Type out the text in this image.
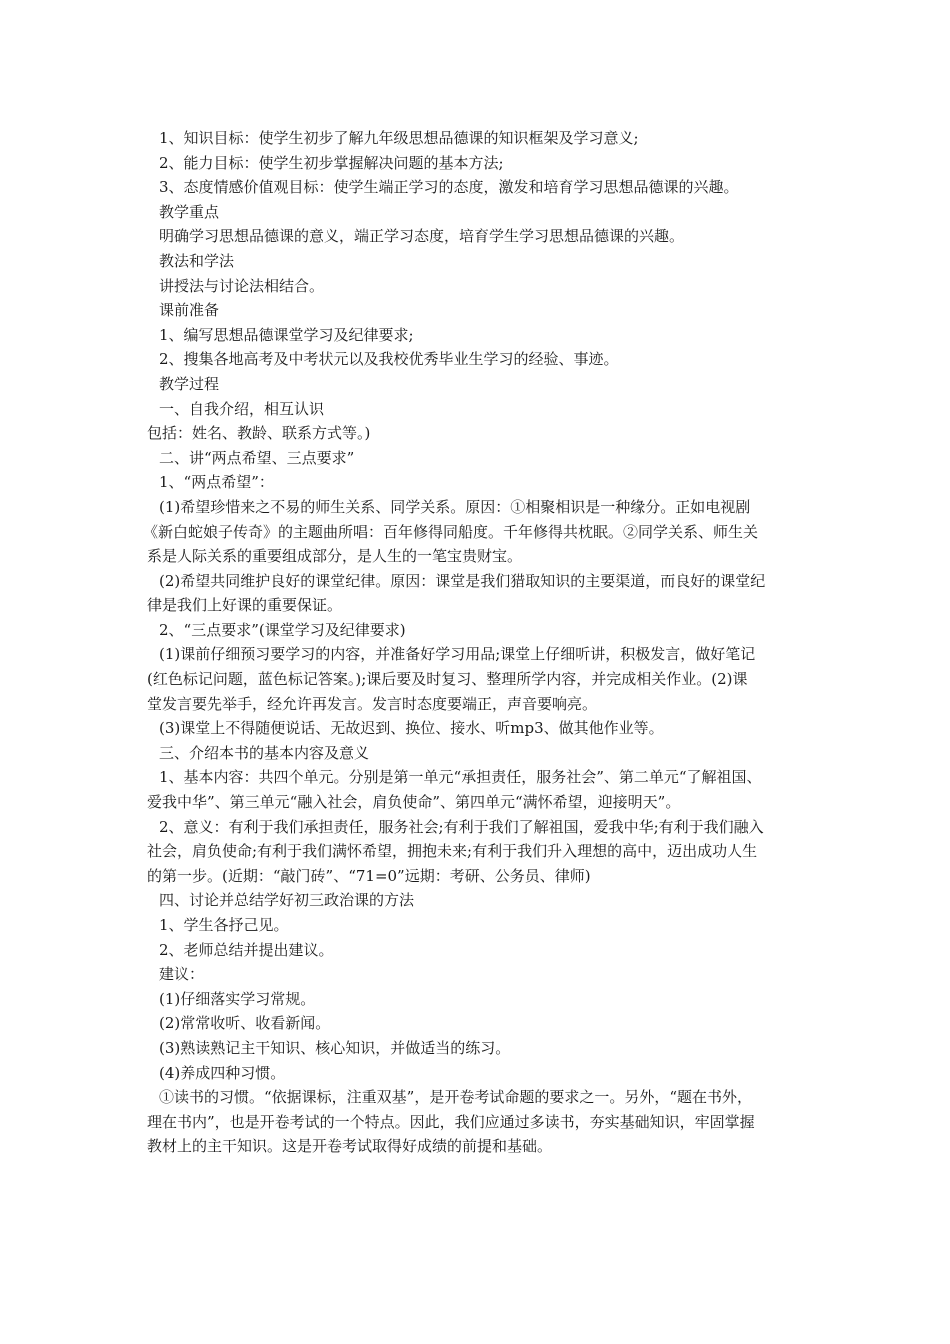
1、知识目标：使学生初步了解九年级思想品德课的知识框架及学习意义;
2、能力目标：使学生初步掌握解决问题的基本方法;
3、态度情感价值观目标：使学生端正学习的态度，激发和培育学习思想品德课的兴趣。
教学重点
明确学习思想品德课的意义，端正学习态度，培育学生学习思想品德课的兴趣。
教法和学法
讲授法与讨论法相结合。
课前准备
1、编写思想品德课堂学习及纪律要求;
2、搜集各地高考及中考状元以及我校优秀毕业生学习的经验、事迹。
教学过程
一、自我介绍，相互认识
包括：姓名、教龄、联系方式等。)
二、讲“两点希望、三点要求”
1、“两点希望”：
(1)希望珍惜来之不易的师生关系、同学关系。原因：①相聚相识是一种缘分。正如电视剧
《新白蛇娘子传奇》的主题曲所唱：百年修得同船度。千年修得共枕眠。②同学关系、师生关
系是人际关系的重要组成部分，是人生的一笔宝贵财宝。
(2)希望共同维护良好的课堂纪律。原因：课堂是我们猎取知识的主要渠道，而良好的课堂纪
律是我们上好课的重要保证。
2、“三点要求”(课堂学习及纪律要求)
(1)课前仔细预习要学习的内容，并准备好学习用品;课堂上仔细听讲，积极发言，做好笔记
(红色标记问题，蓝色标记答案。);课后要及时复习、整理所学内容，并完成相关作业。(2)课
堂发言要先举手，经允许再发言。发言时态度要端正，声音要响亮。
(3)课堂上不得随便说话、无故迟到、换位、接水、听mp3、做其他作业等。
三、介绍本书的基本内容及意义
1、基本内容：共四个单元。分别是第一单元“承担责任，服务社会”、第二单元“了解祖国、
爱我中华”、第三单元“融入社会，肩负使命”、第四单元“满怀希望，迎接明天”。
2、意义：有利于我们承担责任，服务社会;有利于我们了解祖国，爱我中华;有利于我们融入
社会，肩负使命;有利于我们满怀希望，拥抱未来;有利于我们升入理想的高中，迈出成功人生
的第一步。(近期：“敲门砖”、“71=0”远期：考研、公务员、律师)
四、讨论并总结学好初三政治课的方法
1、学生各抒己见。
2、老师总结并提出建议。
建议：
(1)仔细落实学习常规。
(2)常常收听、收看新闻。
(3)熟读熟记主干知识、核心知识，并做适当的练习。
(4)养成四种习惯。
①读书的习惯。“依据课标，注重双基”，是开卷考试命题的要求之一。另外，“题在书外，
理在书内”，也是开卷考试的一个特点。因此，我们应通过多读书，夯实基础知识，牢固掌握
教材上的主干知识。这是开卷考试取得好成绩的前提和基础。
